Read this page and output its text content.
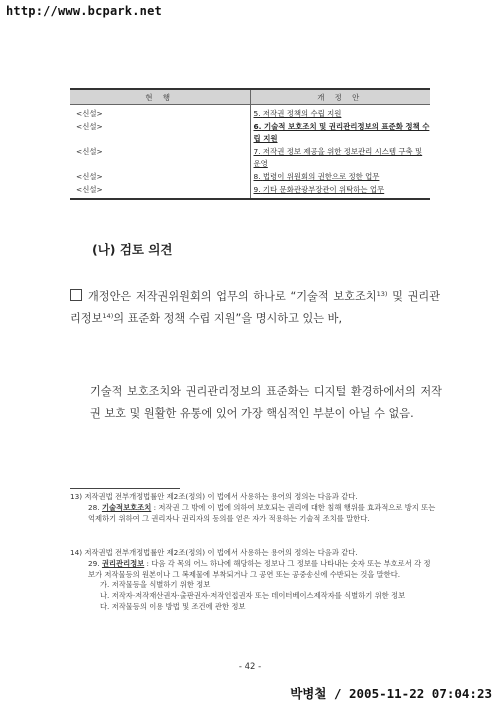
http://www.bcpark.net
현 행	개 정 안
<신설>	5. 저작권 정책의 수립 지원
<신설>	6. 기술적 보호조치 및 권리관리정보의 표준화 정책 수립 지원
<신설>	7. 저작권 정보 제공을 위한 정보관리 시스템 구축 및 운영
<신설>	8. 법령이 위원회의 권한으로 정한 업무
<신설>	9. 기타 문화관광부장관이 위탁하는 업무
(나) 검토 의견
개정안은 저작권위원회의 업무의 하나로 “기술적 보호조치$^{13)}$ 및 권리관리정보$^{14)}$의 표준화 정책 수립 지원”을 명시하고 있는 바,
기술적 보호조치와 권리관리정보의 표준화는 디지털 환경하에서의 저작권 보호 및 원활한 유통에 있어 가장 핵심적인 부분이 아닐 수 없음.
13) 저작권법 전부개정법률안 제2조(정의) 이 법에서 사용하는 용어의 정의는 다음과 같다.
28. 기술적보호조치 : 저작권 그 밖에 이 법에 의하여 보호되는 권리에 대한 침해 행위를 효과적으로 방지 또는 억제하기 위하여 그 권리자나 권리자의 동의를 얻은 자가 적용하는 기술적 조치를 말한다.
14) 저작권법 전부개정법률안 제2조(정의) 이 법에서 사용하는 용어의 정의는 다음과 같다.
29. 권리관리정보 : 다음 각 목의 어느 하나에 해당하는 정보나 그 정보를 나타내는 숫자 또는 부호로서 각 정보가 저작물등의 원본이나 그 복제물에 부착되거나 그 공연 또는 공중송신에 수반되는 것을 말한다.
가. 저작물등을 식별하기 위한 정보
나. 저작자·저작재산권자·출판권자·저작인접권자 또는 데이터베이스제작자를 식별하기 위한 정보
다. 저작물등의 이용 방법 및 조건에 관한 정보
- 42 -
박병철 / 2005-11-22 07:04:23
